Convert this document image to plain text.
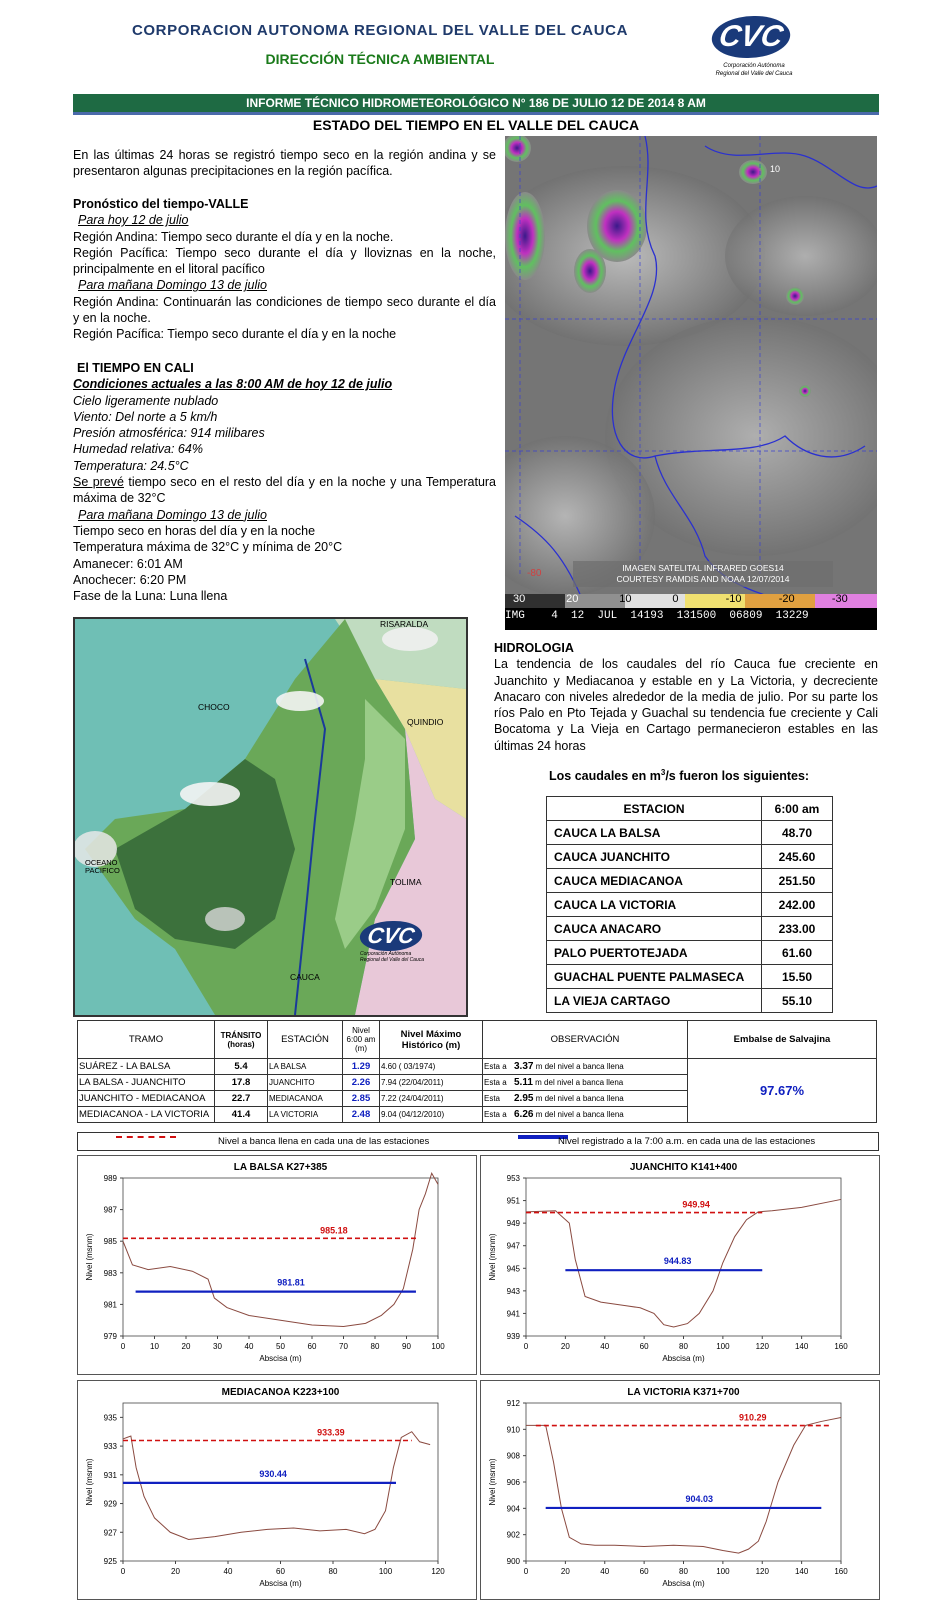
CORPORACION AUTONOMA REGIONAL DEL VALLE DEL CAUCA
DIRECCIÓN TÉCNICA AMBIENTAL
CVC
Corporación Autónoma
Regional del Valle del Cauca
INFORME TÉCNICO HIDROMETEOROLÓGICO N° 186 DE JULIO 12 DE 2014 8 AM
ESTADO DEL TIEMPO EN EL VALLE DEL CAUCA
En las últimas 24 horas se registró tiempo seco en la región andina y se presentaron algunas precipitaciones en la región pacífica.
Pronóstico del tiempo-VALLE
Para hoy 12 de julio
Región Andina: Tiempo seco durante el día y en la noche.
Región Pacífica: Tiempo seco durante el día y lloviznas en la noche, principalmente en el litoral pacífico
Para mañana Domingo 13 de julio
Región Andina: Continuarán las condiciones de tiempo seco durante el día y en la noche.
Región Pacífica: Tiempo seco durante el día y en la noche
El TIEMPO EN CALI
Condiciones actuales a las 8:00 AM de hoy 12 de julio
Cielo ligeramente nublado
Viento: Del norte a 5 km/h
Presión atmosférica: 914 milibares
Humedad relativa: 64%
Temperatura: 24.5°C
Se prevé tiempo seco en el resto del día y en la noche y una Temperatura máxima de 32°C
Para mañana Domingo 13 de julio
Tiempo seco en horas del día y en la noche
Temperatura máxima de 32°C y mínima de 20°C
Amanecer: 6:01 AM
Anochecer: 6:20 PM
Fase de la Luna: Luna llena
IMAGEN SATELITAL INFRARED GOES14
COURTESY RAMDIS AND NOAA 12/07/2014
10
-80
30	20	10	0	-10	-20	-30
IMG    4  12  JUL  14193  131500  06809  13229
RISARALDA
CHOCO
QUINDIO
OCEANO PACIFICO
TOLIMA
CAUCA
CVC
Corporación Autónoma
Regional del Valle del Cauca
HIDROLOGIA
La tendencia de los caudales del río Cauca fue creciente en Juanchito y Mediacanoa y estable en y La Victoria, y decreciente Anacaro con niveles alrededor de la media de julio. Por su parte los ríos Palo en Pto Tejada y Guachal su tendencia fue creciente y Cali Bocatoma y La Vieja en Cartago permanecieron estables en las últimas 24 horas
Los caudales en $m^3/s$ fueron los siguientes:
ESTACION	6:00 am
CAUCA LA BALSA	48.70
CAUCA JUANCHITO	245.60
CAUCA MEDIACANOA	251.50
CAUCA LA VICTORIA	242.00
CAUCA ANACARO	233.00
PALO PUERTOTEJADA	61.60
GUACHAL PUENTE PALMASECA	15.50
LA VIEJA CARTAGO	55.10
TRAMO	TRÁNSITO (horas)	ESTACIÓN	Nivel 6:00 am (m)	Nivel Máximo Histórico (m)	OBSERVACIÓN	Embalse de Salvajina
SUÁREZ - LA BALSA	5.4	LA BALSA	1.29	4.60 ( 03/1974)	Esta a 3.37 m del nivel a banca llena	97.67%
LA BALSA - JUANCHITO	17.8	JUANCHITO	2.26	7.94 (22/04/2011)	Esta a 5.11 m del nivel a banca llena	
JUANCHITO - MEDIACANOA	22.7	MEDIACANOA	2.85	7.22 (24/04/2011)	Esta 2.95 m del nivel a banca llena	
MEDIACANOA - LA VICTORIA	41.4	LA VICTORIA	2.48	9.04 (04/12/2010)	Esta a 6.26 m del nivel a banca llena	
Nivel a banca llena en cada una de las estaciones	Nivel registrado a la 7:00 a.m. en cada una de las estaciones
LA BALSA K27+385
979
981
983
985
987
989
0	10	20	30	40	50	60	70	80	90	100
Abscisa (m)
Nivel (msnm)
985.18
981.81
JUANCHITO K141+400
939
941
943
945
947
949
951
953
0	20	40	60	80	100	120	140	160
Abscisa (m)
Nivel (msnm)
949.94
944.83
MEDIACANOA K223+100
925
927
929
931
933
935
0	20	40	60	80	100	120
Abscisa (m)
Nivel (msnm)
933.39
930.44
LA VICTORIA K371+700
900
902
904
906
908
910
912
0	20	40	60	80	100	120	140	160
Abscisa (m)
Nivel (msnm)
910.29
904.03
